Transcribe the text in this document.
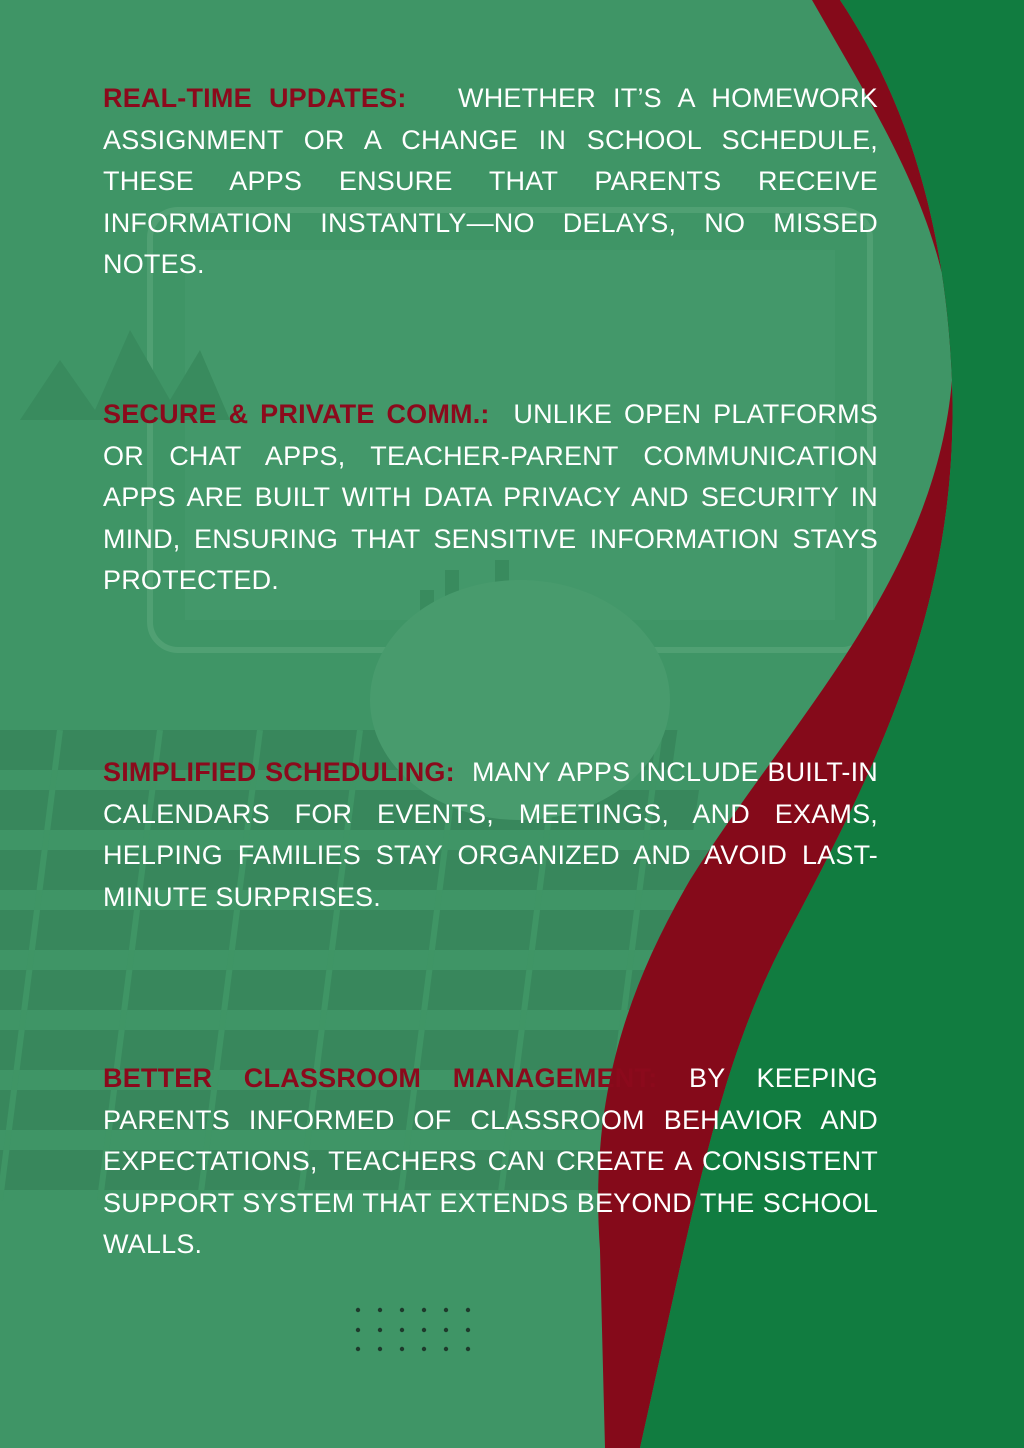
REAL-TIME UPDATES: WHETHER IT’S A HOMEWORK ASSIGNMENT OR A CHANGE IN SCHOOL SCHEDULE, THESE APPS ENSURE THAT PARENTS RECEIVE INFORMATION INSTANTLY—NO DELAYS, NO MISSED NOTES.
SECURE & PRIVATE COMM.: UNLIKE OPEN PLATFORMS OR CHAT APPS, TEACHER-PARENT COMMUNICATION APPS ARE BUILT WITH DATA PRIVACY AND SECURITY IN MIND, ENSURING THAT SENSITIVE INFORMATION STAYS PROTECTED.
SIMPLIFIED SCHEDULING: MANY APPS INCLUDE BUILT-IN CALENDARS FOR EVENTS, MEETINGS, AND EXAMS, HELPING FAMILIES STAY ORGANIZED AND AVOID LAST-MINUTE SURPRISES.
BETTER CLASSROOM MANAGEMENT: BY KEEPING PARENTS INFORMED OF CLASSROOM BEHAVIOR AND EXPECTATIONS, TEACHERS CAN CREATE A CONSISTENT SUPPORT SYSTEM THAT EXTENDS BEYOND THE SCHOOL WALLS.
